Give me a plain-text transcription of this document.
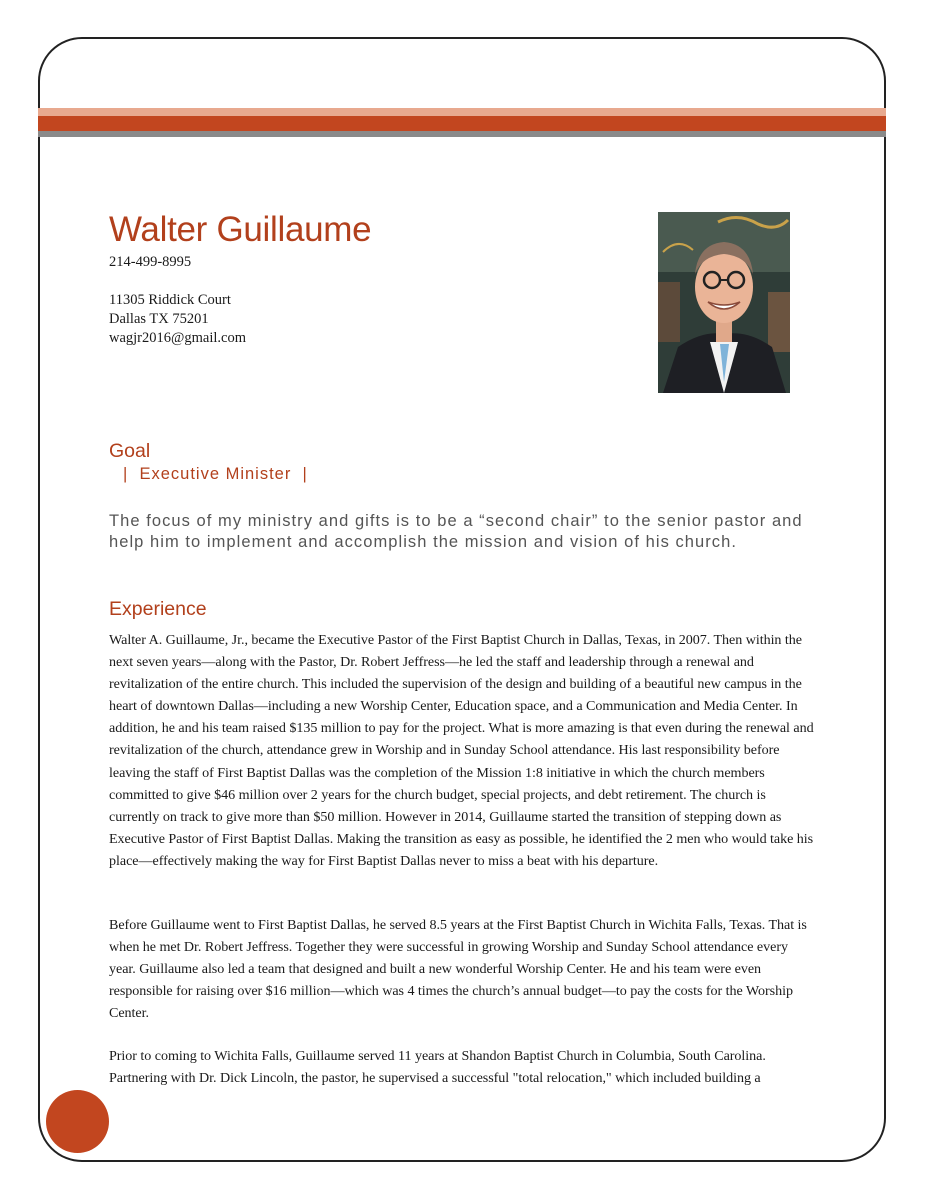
Walter Guillaume

214-499-8995

11305 Riddick Court

Dallas TX 75201

wagjr2016@gmail.com

Goal
| Executive Minister |

The focus of my ministry and gifts is to be a “second chair” to the senior pastor and help him to implement and accomplish the mission and vision of his church.

Experience

Walter A. Guillaume, Jr., became the Executive Pastor of the First Baptist Church in Dallas, Texas, in 2007. Then within the next seven years—along with the Pastor, Dr. Robert Jeffress—he led the staff and leadership through a renewal and revitalization of the entire church. This included the supervision of the design and building of a beautiful new campus in the heart of downtown Dallas—including a new Worship Center, Education space, and a Communication and Media Center. In addition, he and his team raised $135 million to pay for the project. What is more amazing is that even during the renewal and revitalization of the church, attendance grew in Worship and in Sunday School attendance. His last responsibility before leaving the staff of First Baptist Dallas was the completion of the Mission 1:8 initiative in which the church members committed to give $46 million over 2 years for the church budget, special projects, and debt retirement. The church is currently on track to give more than $50 million. However in 2014, Guillaume started the transition of stepping down as Executive Pastor of First Baptist Dallas. Making the transition as easy as possible, he identified the 2 men who would take his place—effectively making the way for First Baptist Dallas never to miss a beat with his departure.

Before Guillaume went to First Baptist Dallas, he served 8.5 years at the First Baptist Church in Wichita Falls, Texas. That is when he met Dr. Robert Jeffress. Together they were successful in growing Worship and Sunday School attendance every year. Guillaume also led a team that designed and built a new wonderful Worship Center. He and his team were even responsible for raising over $16 million—which was 4 times the church’s annual budget—to pay the costs for the Worship Center.

Prior to coming to Wichita Falls, Guillaume served 11 years at Shandon Baptist Church in Columbia, South Carolina. Partnering with Dr. Dick Lincoln, the pastor, he supervised a successful "total relocation," which included building a
